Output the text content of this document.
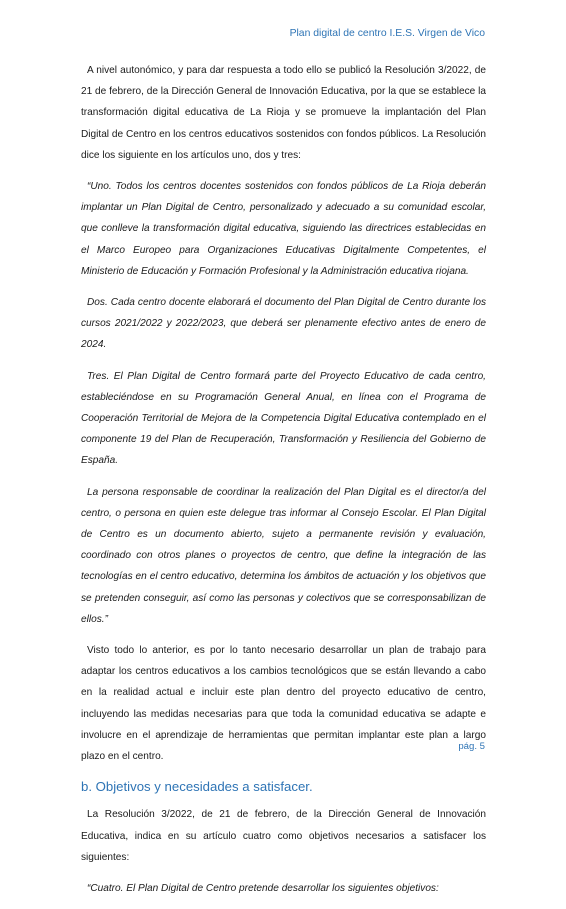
Plan digital de centro I.E.S. Virgen de Vico

A nivel autonómico, y para dar respuesta a todo ello se publicó la Resolución 3/2022, de 21 de febrero, de la Dirección General de Innovación Educativa, por la que se establece la transformación digital educativa de La Rioja y se promueve la implantación del Plan Digital de Centro en los centros educativos sostenidos con fondos públicos. La Resolución dice los siguiente en los artículos uno, dos y tres:

“Uno. Todos los centros docentes sostenidos con fondos públicos de La Rioja deberán implantar un Plan Digital de Centro, personalizado y adecuado a su comunidad escolar, que conlleve la transformación digital educativa, siguiendo las directrices establecidas en el Marco Europeo para Organizaciones Educativas Digitalmente Competentes, el Ministerio de Educación y Formación Profesional y la Administración educativa riojana.

Dos. Cada centro docente elaborará el documento del Plan Digital de Centro durante los cursos 2021/2022 y 2022/2023, que deberá ser plenamente efectivo antes de enero de 2024.

Tres. El Plan Digital de Centro formará parte del Proyecto Educativo de cada centro, estableciéndose en su Programación General Anual, en línea con el Programa de Cooperación Territorial de Mejora de la Competencia Digital Educativa contemplado en el componente 19 del Plan de Recuperación, Transformación y Resiliencia del Gobierno de España.

La persona responsable de coordinar la realización del Plan Digital es el director/a del centro, o persona en quien este delegue tras informar al Consejo Escolar. El Plan Digital de Centro es un documento abierto, sujeto a permanente revisión y evaluación, coordinado con otros planes o proyectos de centro, que define la integración de las tecnologías en el centro educativo, determina los ámbitos de actuación y los objetivos que se pretenden conseguir, así como las personas y colectivos que se corresponsabilizan de ellos.”

Visto todo lo anterior, es por lo tanto necesario desarrollar un plan de trabajo para adaptar los centros educativos a los cambios tecnológicos que se están llevando a cabo en la realidad actual e incluir este plan dentro del proyecto educativo de centro, incluyendo las medidas necesarias para que toda la comunidad educativa se adapte e involucre en el aprendizaje de herramientas que permitan implantar este plan a largo plazo en el centro.

b. Objetivos y necesidades a satisfacer.

La Resolución 3/2022, de 21 de febrero, de la Dirección General de Innovación Educativa, indica en su artículo cuatro como objetivos necesarios a satisfacer los siguientes:

“Cuatro. El Plan Digital de Centro pretende desarrollar los siguientes objetivos:

pág. 5
